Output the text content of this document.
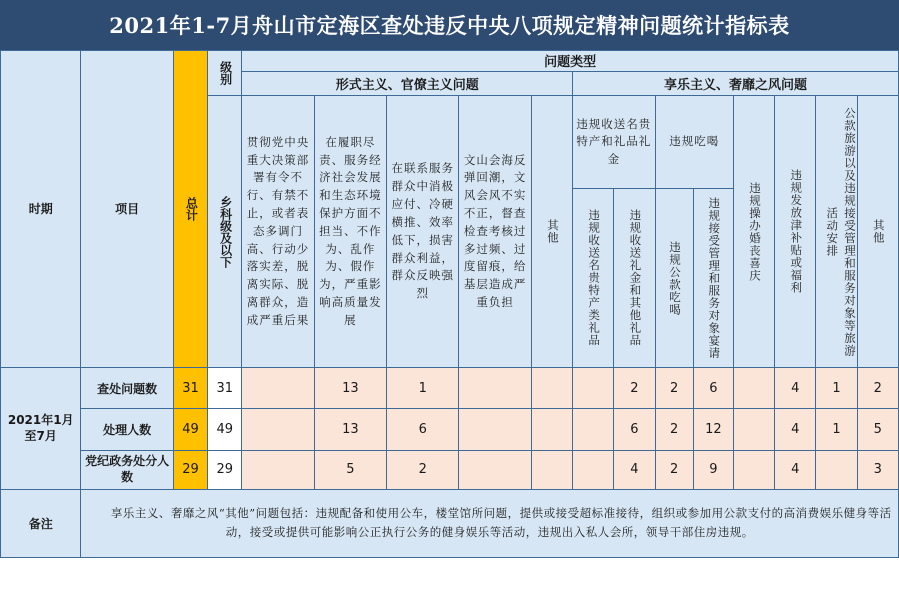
2021年1-7月舟山市定海区查处违反中央八项规定精神问题统计指标表
时期	项目	总计	级别	问题类型												
				形式主义、官僚主义问题					享乐主义、奢靡之风问题							

			乡科级及以下	贯彻党中央重大决策部署有令不行、有禁不止，或者表态多调门高、行动少落实差，脱离实际、脱离群众，造成严重后果	在履职尽责、服务经济社会发展和生态环境保护方面不担当、不作为、乱作为、假作为，严重影响高质量发展	在联系服务群众中消极应付、冷硬横推、效率低下，损害群众利益，群众反映强烈	文山会海反弹回潮，文风会风不实不正，督查检查考核过多过频、过度留痕，给基层造成严重负担	其他	违规收送名贵特产和礼品礼金		违规吃喝		违规操办婚丧喜庆	违规发放津补贴或福利	公款旅游以及违规接受管理和服务对象等旅游活动安排	其他

									违规收送名贵特产类礼品	违规收送礼金和其他礼品	违规公款吃喝	违规接受管理和服务对象宴请				

2021年1月至7月	查处问题数	31	31		13	1				2	2	6		4	1	2
	处理人数	49	49		13	6				6	2	12		4	1	5
	党纪政务处分人数	29	29		5	2				4	2	9		4		3
备注	享乐主义、奢靡之风“其他”问题包括：违规配备和使用公车，楼堂馆所问题，提供或接受超标准接待，组织或参加用公款支付的高消费娱乐健身等活动，接受或提供可能影响公正执行公务的健身娱乐等活动，违规出入私人会所，领导干部住房违规。															
